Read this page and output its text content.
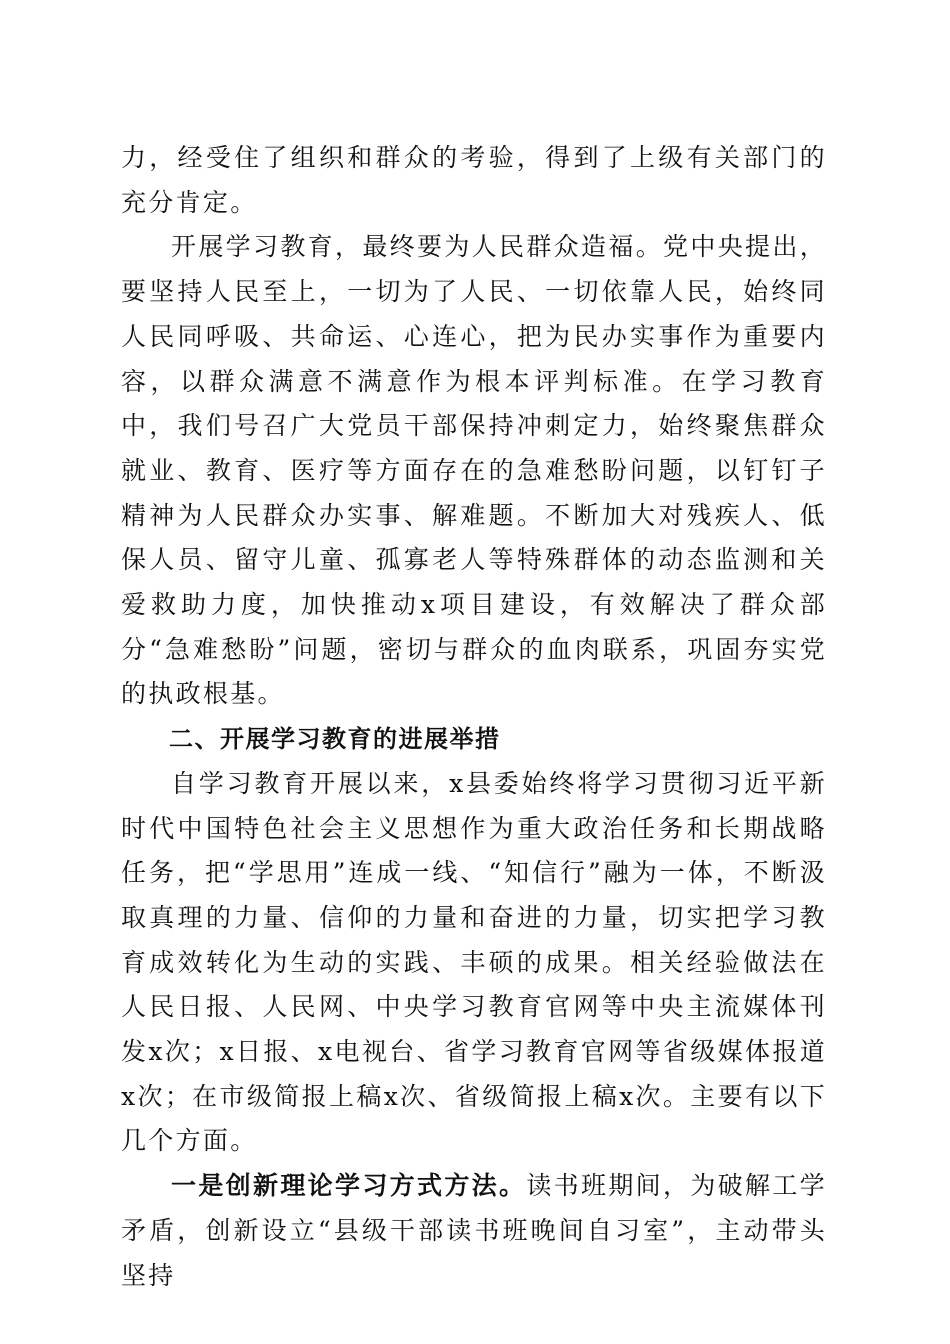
力，经受住了组织和群众的考验，得到了上级有关部门的充分肯定。

开展学习教育，最终要为人民群众造福。党中央提出，要坚持人民至上，一切为了人民、一切依靠人民，始终同人民同呼吸、共命运、心连心，把为民办实事作为重要内容，以群众满意不满意作为根本评判标准。在学习教育中，我们号召广大党员干部保持冲刺定力，始终聚焦群众就业、教育、医疗等方面存在的急难愁盼问题，以钉钉子精神为人民群众办实事、解难题。不断加大对残疾人、低保人员、留守儿童、孤寡老人等特殊群体的动态监测和关爱救助力度，加快推动x项目建设，有效解决了群众部分“急难愁盼”问题，密切与群众的血肉联系，巩固夯实党的执政根基。

二、开展学习教育的进展举措

自学习教育开展以来，x县委始终将学习贯彻习近平新时代中国特色社会主义思想作为重大政治任务和长期战略任务，把“学思用”连成一线、“知信行”融为一体，不断汲取真理的力量、信仰的力量和奋进的力量，切实把学习教育成效转化为生动的实践、丰硕的成果。相关经验做法在人民日报、人民网、中央学习教育官网等中央主流媒体刊发x次；x日报、x电视台、省学习教育官网等省级媒体报道x次；在市级简报上稿x次、省级简报上稿x次。主要有以下几个方面。

一是创新理论学习方式方法。读书班期间，为破解工学矛盾，创新设立“县级干部读书班晚间自习室”，主动带头坚持
